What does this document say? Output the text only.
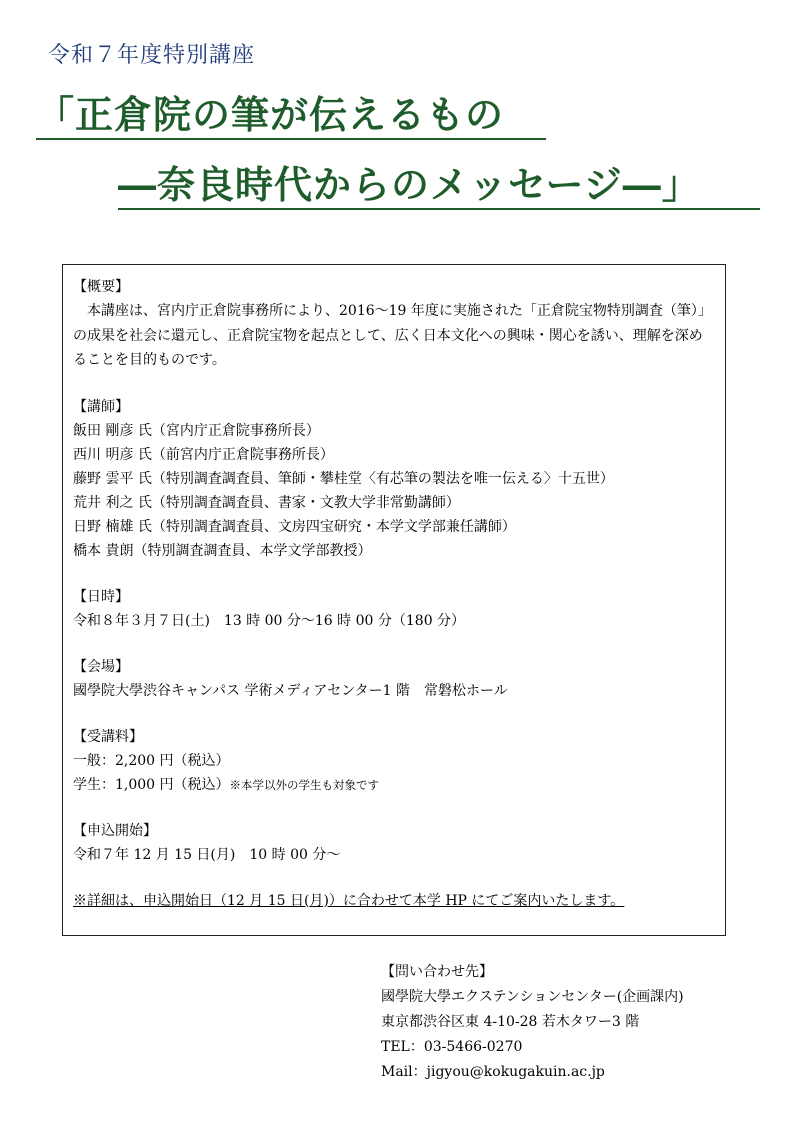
令和７年度特別講座
「正倉院の筆が伝えるもの
―奈良時代からのメッセージ―」
【概要】
　本講座は、宮内庁正倉院事務所により、2016～19 年度に実施された「正倉院宝物特別調査（筆）」の成果を社会に還元し、正倉院宝物を起点として、広く日本文化への興味・関心を誘い、理解を深めることを目的ものです。
【講師】
飯田 剛彦 氏（宮内庁正倉院事務所長）
西川 明彦 氏（前宮内庁正倉院事務所長）
藤野 雲平 氏（特別調査調査員、筆師・攀桂堂〈有芯筆の製法を唯一伝える〉十五世）
荒井 利之 氏（特別調査調査員、書家・文教大学非常勤講師）
日野 楠雄 氏（特別調査調査員、文房四宝研究・本学文学部兼任講師）
橋本 貴朗（特別調査調査員、本学文学部教授）
【日時】
令和８年３月７日(土)　13 時 00 分～16 時 00 分（180 分）
【会場】
國學院大學渋谷キャンパス 学術メディアセンター1 階　常磐松ホール
【受講料】
一般：2,200 円（税込）
学生：1,000 円（税込）※本学以外の学生も対象です
【申込開始】
令和７年 12 月 15 日(月)　10 時 00 分～
※詳細は、申込開始日（12 月 15 日(月)）に合わせて本学 HP にてご案内いたします。
【問い合わせ先】
國學院大學エクステンションセンター(企画課内)
東京都渋谷区東 4-10-28 若木タワー3 階
TEL：03-5466-0270
Mail：jigyou@kokugakuin.ac.jp
